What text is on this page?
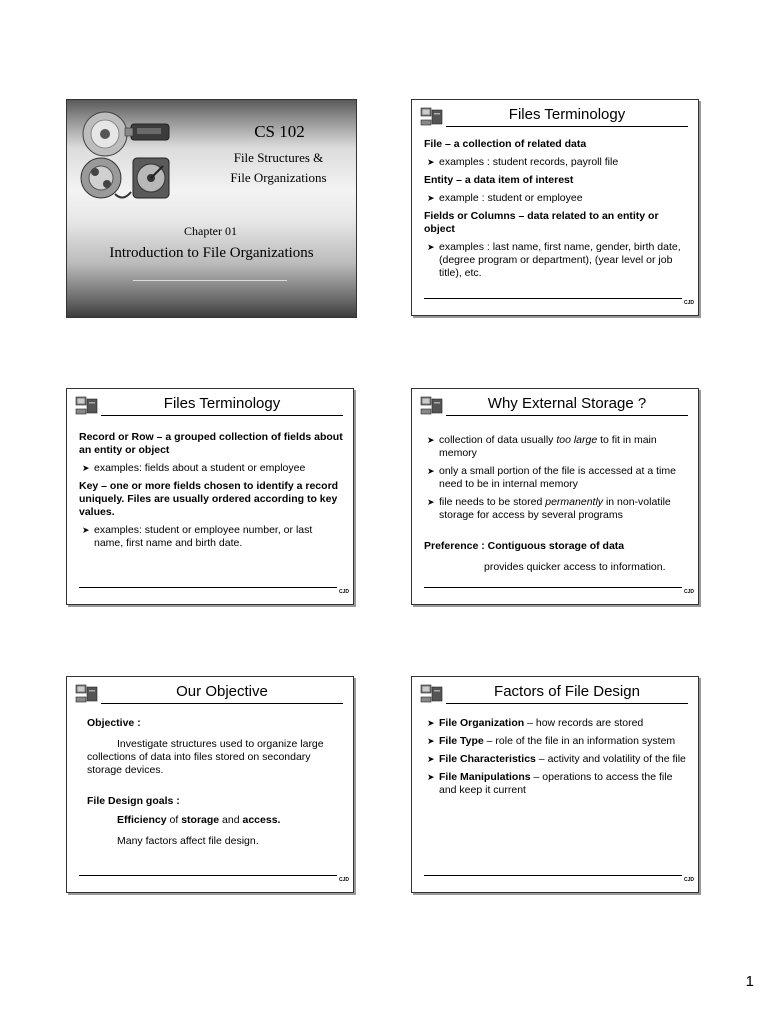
CS 102
File Structures &
File Organizations
Chapter 01
Introduction to File Organizations
Files Terminology
File – a collection of related data
➤ examples : student records, payroll file
Entity – a data item of interest
➤ example : student or employee
Fields or Columns – data related to an entity or object
➤ examples : last name, first name, gender, birth date, (degree program or department), (year level or job title), etc.
CJD
Files Terminology
Record or Row – a grouped collection of fields about an entity or object
➤ examples: fields about a student or employee
Key – one or more fields chosen to identify a record uniquely. Files are usually ordered according to key values.
➤ examples: student or employee number, or last name, first name and birth date.
CJD
Why External Storage ?
➤ collection of data usually too large to fit in main memory
➤ only a small portion of the file is accessed at a time need to be in internal memory
➤ file needs to be stored permanently in non-volatile storage for access by several programs
Preference : Contiguous storage of data
provides quicker access to information.
CJD
Our Objective
Objective :
Investigate structures used to organize large collections of data into files stored on secondary storage devices.
File Design goals :
Efficiency of storage and access.
Many factors affect file design.
CJD
Factors of File Design
➤ File Organization – how records are stored
➤ File Type – role of the file in an information system
➤ File Characteristics – activity and volatility of the file
➤ File Manipulations – operations to access the file and keep it current
CJD
1
